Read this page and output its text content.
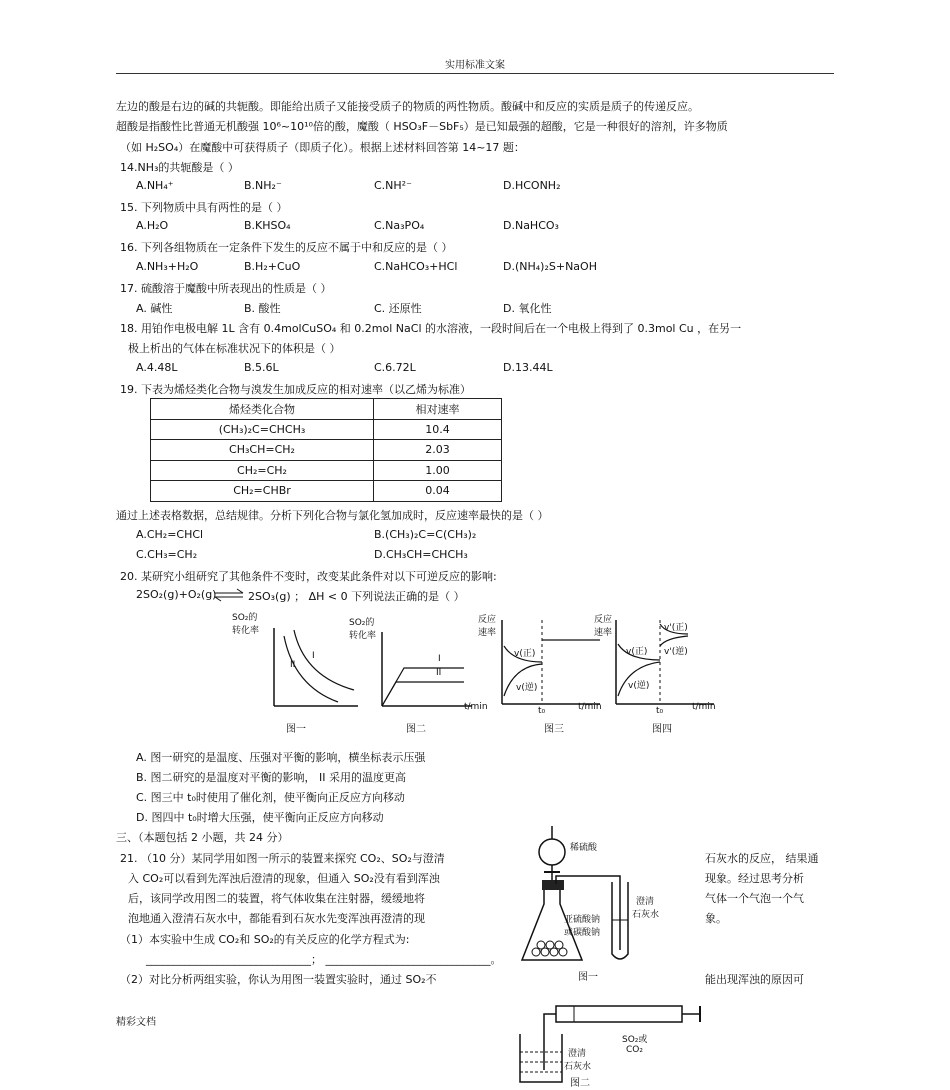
实用标准文案
左边的酸是右边的碱的共轭酸。即能给出质子又能接受质子的物质的两性物质。酸碱中和反应的实质是质子的传递反应。
超酸是指酸性比普通无机酸强 10⁶~10¹⁰倍的酸，魔酸（ HSO₃F－SbF₅）是已知最强的超酸，它是一种很好的溶剂，许多物质
（如 H₂SO₄）在魔酸中可获得质子（即质子化）。根据上述材料回答第 14~17 题：
14.NH₃的共轭酸是（ ）
A.NH₄⁺	B.NH₂⁻	C.NH²⁻	D.HCONH₂
15. 下列物质中具有两性的是（ ）
A.H₂O	B.KHSO₄	C.Na₃PO₄	D.NaHCO₃
16. 下列各组物质在一定条件下发生的反应不属于中和反应的是（ ）
A.NH₃+H₂O	B.H₂+CuO	C.NaHCO₃+HCl	D.(NH₄)₂S+NaOH
17. 硫酸溶于魔酸中所表现出的性质是（ ）
A. 碱性	B. 酸性	C. 还原性	D. 氧化性
18. 用铂作电极电解 1L 含有 0.4molCuSO₄ 和 0.2mol NaCl 的水溶液，一段时间后在一个电极上得到了 0.3mol Cu ，在另一
极上析出的气体在标准状况下的体积是（ ）
A.4.48L	B.5.6L	C.6.72L	D.13.44L
19. 下表为烯烃类化合物与溴发生加成反应的相对速率（以乙烯为标准）
烯烃类化合物	相对速率
(CH₃)₂C=CHCH₃	10.4
CH₃CH=CH₂	2.03
CH₂=CH₂	1.00
CH₂=CHBr	0.04
通过上述表格数据，总结规律。分析下列化合物与氯化氢加成时，反应速率最快的是（ ）
A.CH₂=CHCl	B.(CH₃)₂C=C(CH₃)₂
C.CH₃=CH₂	D.CH₃CH=CHCH₃
20. 某研究小组研究了其他条件不变时，改变某此条件对以下可逆反应的影响:
2SO₂(g)+O₂(g) ⇌ 2SO₃(g) ； ΔH < 0 下列说法正确的是（ ）
SO₂的
转化率
I
II
图一
SO₂的
转化率
I
II
t/min
图二
反应
速率
v(正)
v(逆)
t₀	t/min
图三
反应
速率
v(正)
v(逆)
v'(正)
v'(逆)
t₀	t/min
图四
A. 图一研究的是温度、压强对平衡的影响，横坐标表示压强
B. 图二研究的是温度对平衡的影响， II 采用的温度更高
C. 图三中 t₀时使用了催化剂，使平衡向正反应方向移动
D. 图四中 t₀时增大压强，使平衡向正反应方向移动
三、（本题包括 2 小题，共 24 分）
21. （10 分）某同学用如图一所示的装置来探究 CO₂、SO₂与澄清
入 CO₂可以看到先浑浊后澄清的现象，但通入 SO₂没有看到浑浊
后，该同学改用图二的装置，将气体收集在注射器，缓缓地将
泡地通入澄清石灰水中，都能看到石灰水先变浑浊再澄清的现
（1）本实验中生成 CO₂和 SO₂的有关反应的化学方程式为:
______________________________； ______________________________。
（2）对比分析两组实验，你认为用图一装置实验时，通过 SO₂不
石灰水的反应， 结果通
现象。经过思考分析
气体一个气泡一个气
象。
能出现浑浊的原因可
稀硫酸
亚硫酸钠
或碳酸钠
澄清
石灰水
图一
SO₂或
CO₂
澄清
石灰水
图二
精彩文档
